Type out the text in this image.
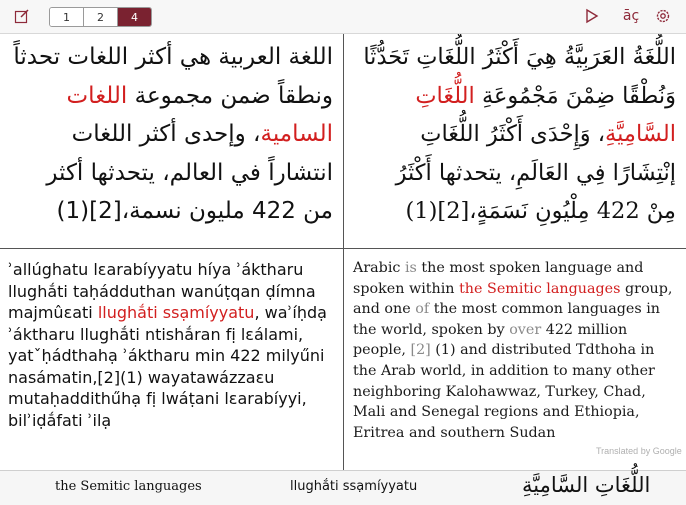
1	2	4	āç
اللغة العربية هي أكثر اللغات تحدثاً
ونطقاً ضمن مجموعة اللغات
السامية، وإحدى أكثر اللغات
انتشاراً في العالم، يتحدثها أكثر
من 422 مليون نسمة،[2](1)
اللُّغَةُ العَرَبِيَّةُ هِيَ أَكْثَرُ اللُّغَاتِ تَحَدُّثًا
وَنُطْقًا ضِمْنَ مَجْمُوعَةِ اللُّغَاتِ
السَّامِيَّةِ، وَإِحْدَى أَكْثَرُ اللُّغَاتِ
إنْتِشَارًا فِي العَالَمِ، يتحدثها أَكْثَرُ
مِنْ 422 مِلْيُونِ نَسَمَةٍ،[2](1)
ʾallúghatu lɛarabíyyatu híya ʾáktharu llughắti taḥádduthan wanúṭqan ḍímna majmûɛati llughắti ssạmíyyatu, waʾíḥdạ ʾáktharu llughắti ntishắran fị lɛálami, yatˇḥádthahạ ʾáktharu min 422 milyűni nasámatin,[2](1) wayatawázzaɛu mutaḥaddithűhạ fị lwáṭani lɛarabíyyi, bilʾiḍắfati ʾilạ
Arabic is the most spoken language and spoken within the Semitic languages group, and one of the most common languages in the world, spoken by over 422 million people, [2] (1) and distributed Tdthoha in the Arab world, in addition to many other neighboring Kalohawwaz, Turkey, Chad, Mali and Senegal regions and Ethiopia, Eritrea and southern Sudan
Translated by Google
the Semitic languages	llughắti ssạmíyyatu	اللُّغَاتِ السَّامِيَّةِ
